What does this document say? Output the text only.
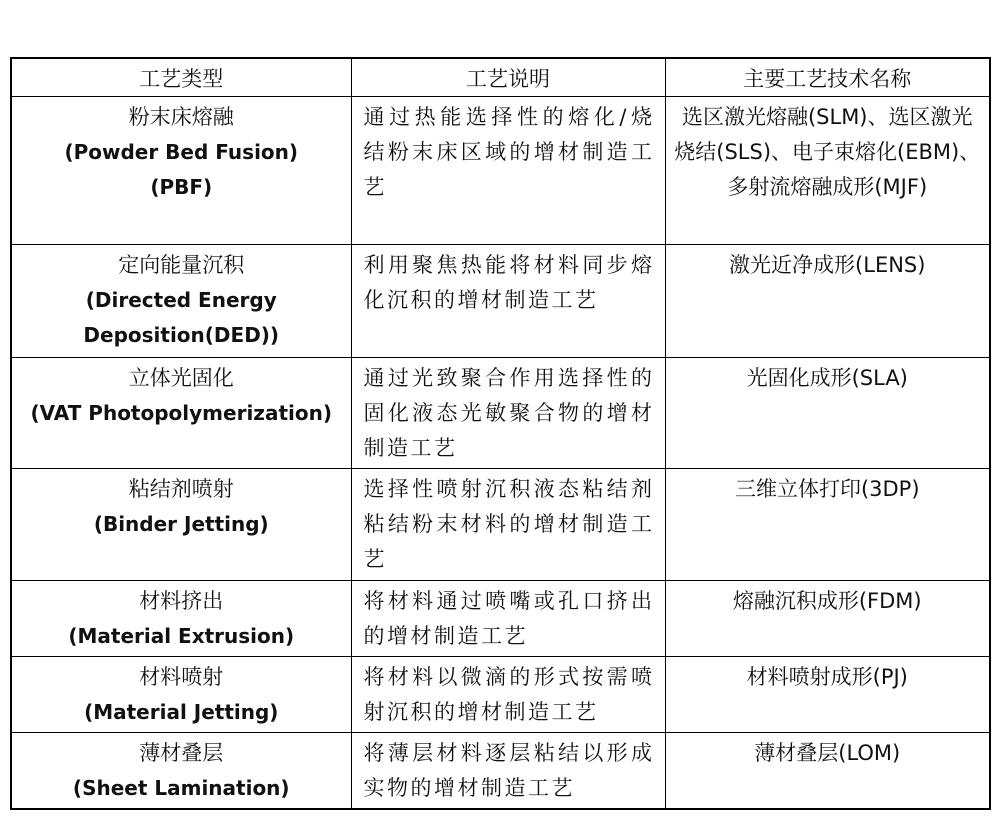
工艺类型	工艺说明	主要工艺技术名称

粉末床熔融
(Powder Bed Fusion)
(PBF)	通过热能选择性的熔化/烧结粉末床区域的增材制造工艺	选区激光熔融(SLM)、选区激光烧结(SLS)、电子束熔化(EBM)、多射流熔融成形(MJF)

定向能量沉积
(Directed Energy
Deposition(DED))	利用聚焦热能将材料同步熔化沉积的增材制造工艺	激光近净成形(LENS)

立体光固化
(VAT Photopolymerization)	通过光致聚合作用选择性的固化液态光敏聚合物的增材制造工艺	光固化成形(SLA)

粘结剂喷射
(Binder Jetting)	选择性喷射沉积液态粘结剂粘结粉末材料的增材制造工艺	三维立体打印(3DP)

材料挤出
(Material Extrusion)	将材料通过喷嘴或孔口挤出的增材制造工艺	熔融沉积成形(FDM)

材料喷射
(Material Jetting)	将材料以微滴的形式按需喷射沉积的增材制造工艺	材料喷射成形(PJ)

薄材叠层
(Sheet Lamination)	将薄层材料逐层粘结以形成实物的增材制造工艺	薄材叠层(LOM)
